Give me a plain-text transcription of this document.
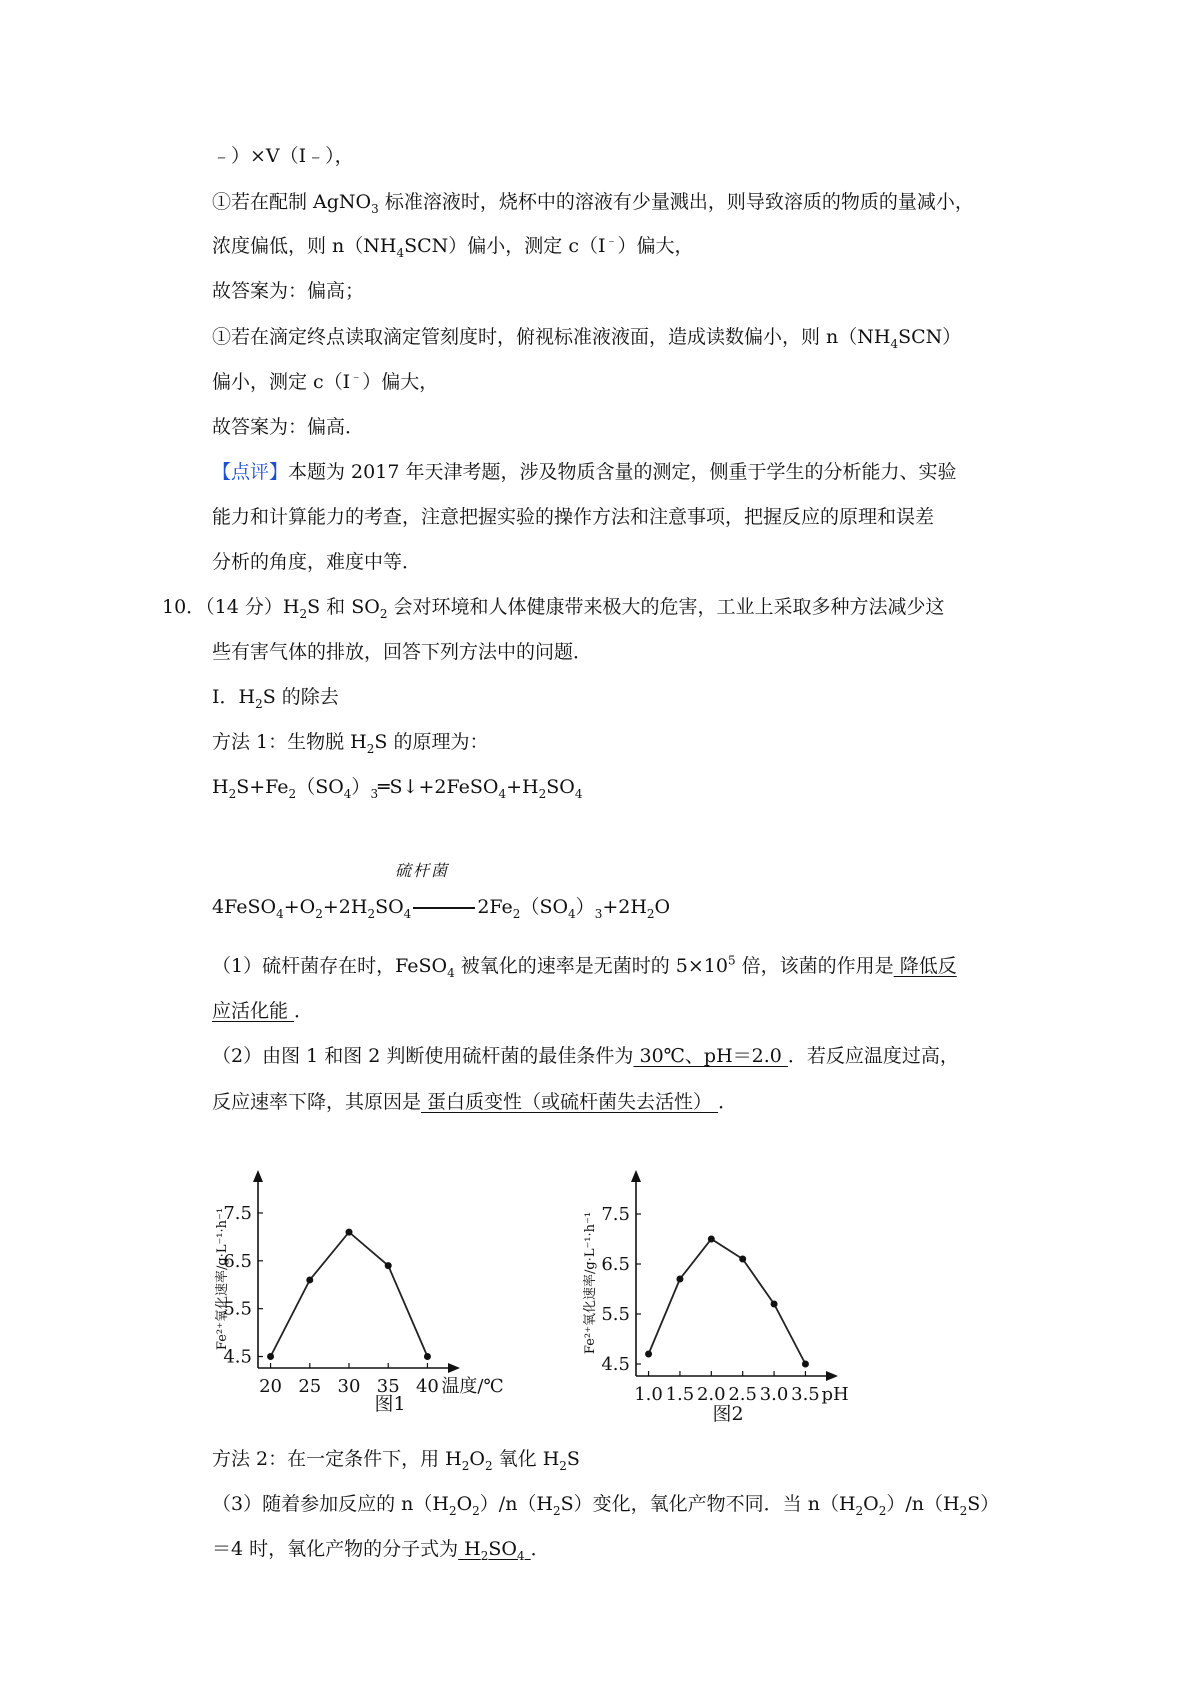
﹣）×V（I﹣），
①若在配制 AgNO$_3$ 标准溶液时，烧杯中的溶液有少量溅出，则导致溶质的物质的量减小，
浓度偏低，则 $n(NH_4SCN)$偏小，测定 c（I﹣）偏大，
故答案为：偏高；
①若在滴定终点读取滴定管刻度时，俯视标准液液面，造成读数偏小，则 $n(NH_4SCN)$
偏小，测定 c（I﹣）偏大，
故答案为：偏高．
【点评】本题为 2017 年天津考题，涉及物质含量的测定，侧重于学生的分析能力、实验
能力和计算能力的考查，注意把握实验的操作方法和注意事项，把握反应的原理和误差
分析的角度，难度中等．
10．（14 分）$H_2S$ 和 $SO_2$ 会对环境和人体健康带来极大的危害，工业上采取多种方法减少这
些有害气体的排放，回答下列方法中的问题．
Ⅰ．$H_2S$ 的除去
方法 1：生物脱 $H_2S$ 的原理为：
$H_2S+Fe_2(SO_4)_3═S↓+2FeSO_4+H_2SO_4$
硫杆菌
$4FeSO_4+O_2+2H_2SO_4$	$2Fe_2(SO_4)_3+2H_2O$
（1）硫杆菌存在时，FeSO$_4$ 被氧化的速率是无菌时的 $5\times 10^5$ 倍，该菌的作用是 降低反
应活化能 ．
（2）由图 1 和图 2 判断使用硫杆菌的最佳条件为 30℃、pH＝2.0 ．若反应温度过高，
反应速率下降，其原因是 蛋白质变性（或硫杆菌失去活性） ．
20 25 30 35 40 温度/℃
4.5
5.5
6.5
7.5
Fe²⁺氧化速率/g·L⁻¹·h⁻¹
图1	1.0 1.5 2.0 2.5 3.0 3.5 pH
4.5
5.5
6.5
7.5
Fe²⁺氧化速率/g·L⁻¹·h⁻¹
图2
方法 2：在一定条件下，用 $H_2O_2$ 氧化 $H_2S$
（3）随着参加反应的 $n(H_2O_2)/n(H_2S)$变化，氧化产物不同．当 $n(H_2O_2)/n(H_2S)$
＝4 时，氧化产物的分子式为 $H_2SO_4$ ．
